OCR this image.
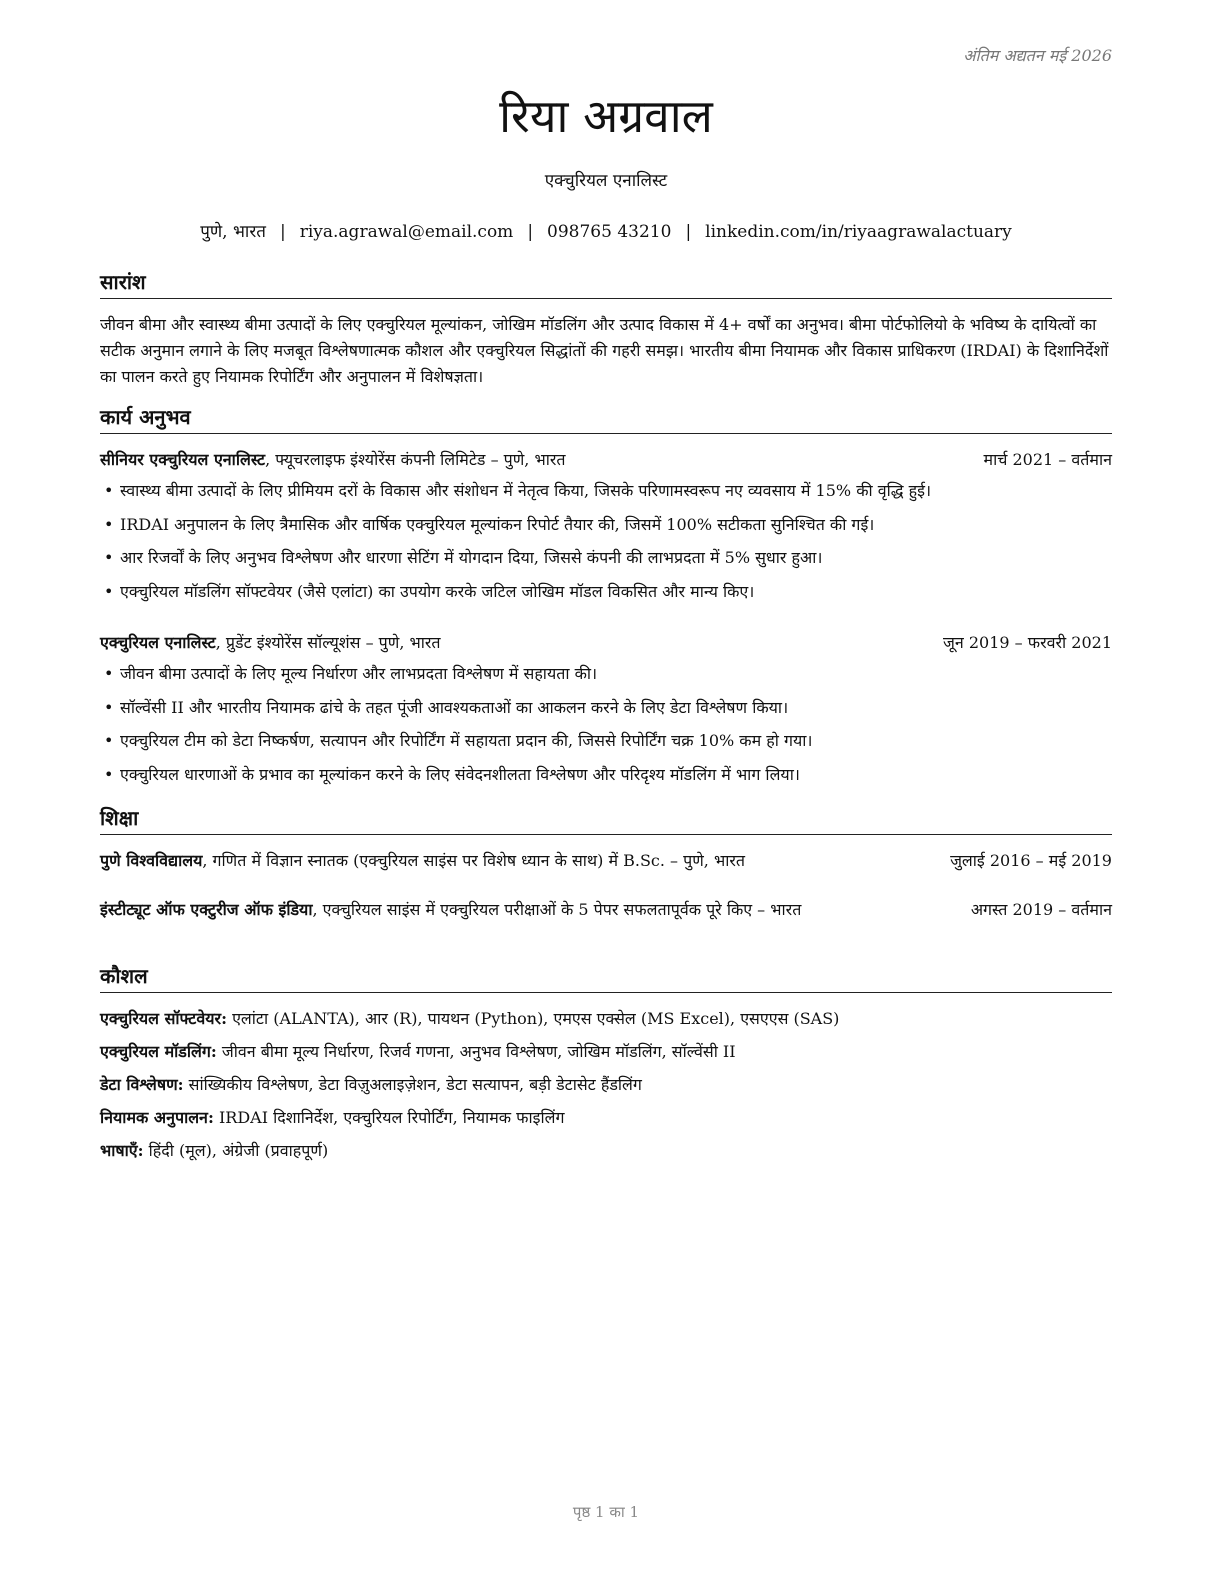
अंतिम अद्यतन मई 2026
रिया अग्रवाल
एक्चुरियल एनालिस्ट
पुणे, भारत | riya.agrawal@email.com | 098765 43210 | linkedin.com/in/riyaagrawalactuary
सारांश
जीवन बीमा और स्वास्थ्य बीमा उत्पादों के लिए एक्चुरियल मूल्यांकन, जोखिम मॉडलिंग और उत्पाद विकास में 4+ वर्षों का अनुभव। बीमा पोर्टफोलियो के भविष्य के दायित्वों का सटीक अनुमान लगाने के लिए मजबूत विश्लेषणात्मक कौशल और एक्चुरियल सिद्धांतों की गहरी समझ। भारतीय बीमा नियामक और विकास प्राधिकरण (IRDAI) के दिशानिर्देशों का पालन करते हुए नियामक रिपोर्टिंग और अनुपालन में विशेषज्ञता।
कार्य अनुभव
सीनियर एक्चुरियल एनालिस्ट, फ्यूचरलाइफ इंश्योरेंस कंपनी लिमिटेड – पुणे, भारत	मार्च 2021 – वर्तमान
• स्वास्थ्य बीमा उत्पादों के लिए प्रीमियम दरों के विकास और संशोधन में नेतृत्व किया, जिसके परिणामस्वरूप नए व्यवसाय में 15% की वृद्धि हुई।
• IRDAI अनुपालन के लिए त्रैमासिक और वार्षिक एक्चुरियल मूल्यांकन रिपोर्ट तैयार की, जिसमें 100% सटीकता सुनिश्चित की गई।
• आर रिजर्वों के लिए अनुभव विश्लेषण और धारणा सेटिंग में योगदान दिया, जिससे कंपनी की लाभप्रदता में 5% सुधार हुआ।
• एक्चुरियल मॉडलिंग सॉफ्टवेयर (जैसे एलांटा) का उपयोग करके जटिल जोखिम मॉडल विकसित और मान्य किए।
एक्चुरियल एनालिस्ट, प्रुडेंट इंश्योरेंस सॉल्यूशंस – पुणे, भारत	जून 2019 – फरवरी 2021
• जीवन बीमा उत्पादों के लिए मूल्य निर्धारण और लाभप्रदता विश्लेषण में सहायता की।
• सॉल्वेंसी II और भारतीय नियामक ढांचे के तहत पूंजी आवश्यकताओं का आकलन करने के लिए डेटा विश्लेषण किया।
• एक्चुरियल टीम को डेटा निष्कर्षण, सत्यापन और रिपोर्टिंग में सहायता प्रदान की, जिससे रिपोर्टिंग चक्र 10% कम हो गया।
• एक्चुरियल धारणाओं के प्रभाव का मूल्यांकन करने के लिए संवेदनशीलता विश्लेषण और परिदृश्य मॉडलिंग में भाग लिया।
शिक्षा
पुणे विश्वविद्यालय, गणित में विज्ञान स्नातक (एक्चुरियल साइंस पर विशेष ध्यान के साथ) में B.Sc. – पुणे, भारत	जुलाई 2016 – मई 2019
इंस्टीट्यूट ऑफ एक्टुरीज ऑफ इंडिया, एक्चुरियल साइंस में एक्चुरियल परीक्षाओं के 5 पेपर सफलतापूर्वक पूरे किए – भारत	अगस्त 2019 – वर्तमान
कौशल
एक्चुरियल सॉफ्टवेयर: एलांटा (ALANTA), आर (R), पायथन (Python), एमएस एक्सेल (MS Excel), एसएएस (SAS)
एक्चुरियल मॉडलिंग: जीवन बीमा मूल्य निर्धारण, रिजर्व गणना, अनुभव विश्लेषण, जोखिम मॉडलिंग, सॉल्वेंसी II
डेटा विश्लेषण: सांख्यिकीय विश्लेषण, डेटा विज़ुअलाइज़ेशन, डेटा सत्यापन, बड़ी डेटासेट हैंडलिंग
नियामक अनुपालन: IRDAI दिशानिर्देश, एक्चुरियल रिपोर्टिंग, नियामक फाइलिंग
भाषाएँ: हिंदी (मूल), अंग्रेजी (प्रवाहपूर्ण)
पृष्ठ 1 का 1
